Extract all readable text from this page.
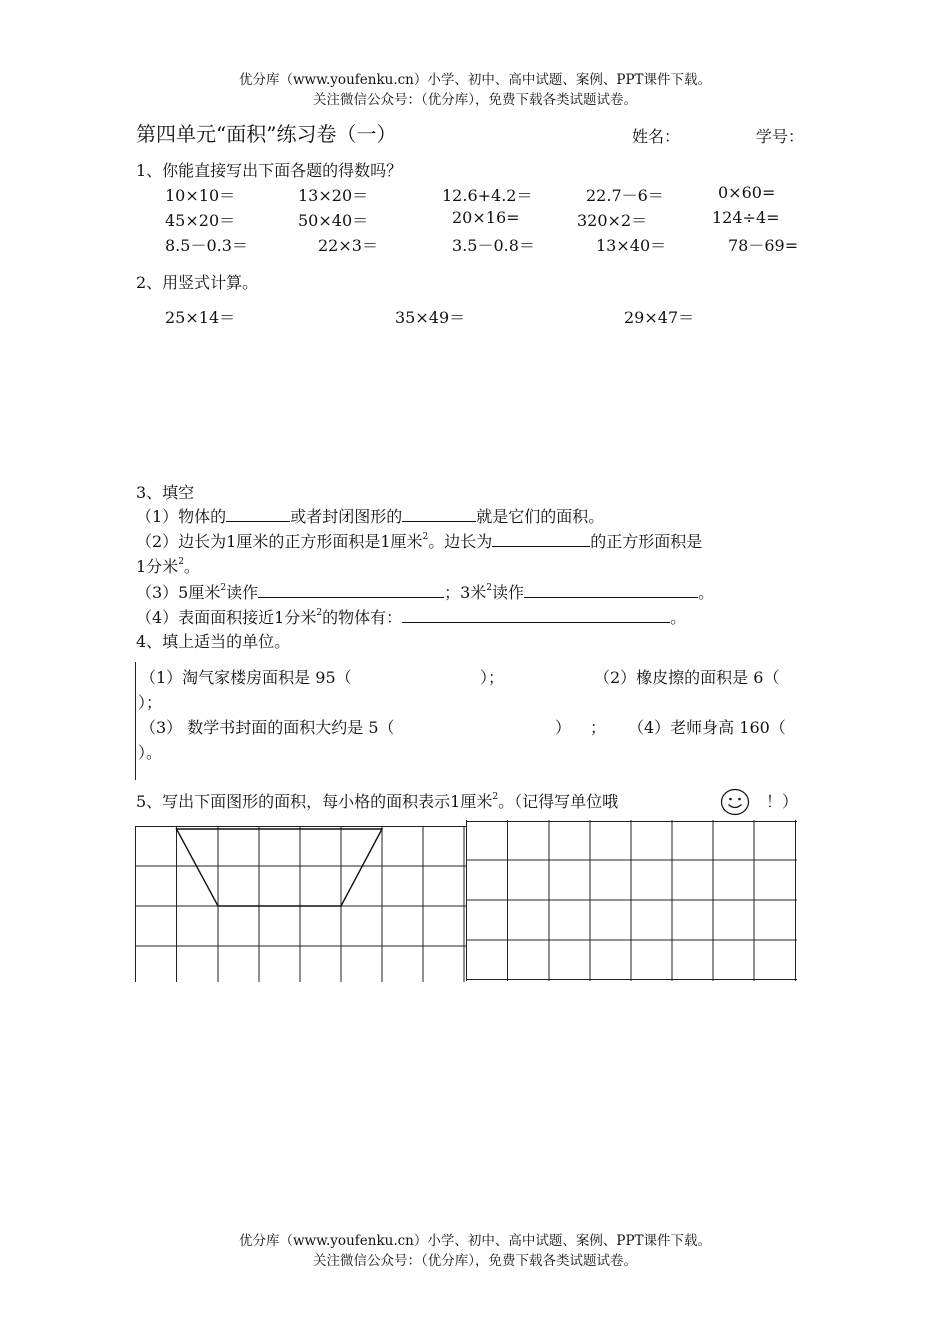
优分库（www.youfenku.cn）小学、初中、高中试题、案例、PPT课件下载。
关注微信公众号：（优分库），免费下载各类试题试卷。
第四单元“面积”练习卷（一）	姓名：	学号：
1、你能直接写出下面各题的得数吗？
10×10＝	13×20＝	12.6+4.2＝	22.7－6＝	0×60=
45×20＝	50×40＝	20×16=	320×2＝	124÷4=
8.5－0.3＝	22×3＝	3.5－0.8＝	13×40＝	78－69=
2、用竖式计算。
25×14＝	35×49＝	29×47＝
3、填空
（1）物体的	或者封闭图形的	就是它们的面积。
（2）边长为1厘米的正方形面积是1厘米$^2$。边长为	的正方形面积是
1分米$^2$。
（3）5厘米$^2$读作	；3米$^2$读作	。
（4）表面面积接近1分米$^2$的物体有：	。
4、填上适当的单位。
（1）淘气家楼房面积是 95（	）；	（2）橡皮擦的面积是 6（
）；
（3） 数学书封面的面积大约是 5（	） ； （4）老师身高 160（
）。
5、写出下面图形的面积，每小格的面积表示1厘米$^2$。（记得写单位哦	！）
优分库（www.youfenku.cn）小学、初中、高中试题、案例、PPT课件下载。
关注微信公众号：（优分库），免费下载各类试题试卷。
